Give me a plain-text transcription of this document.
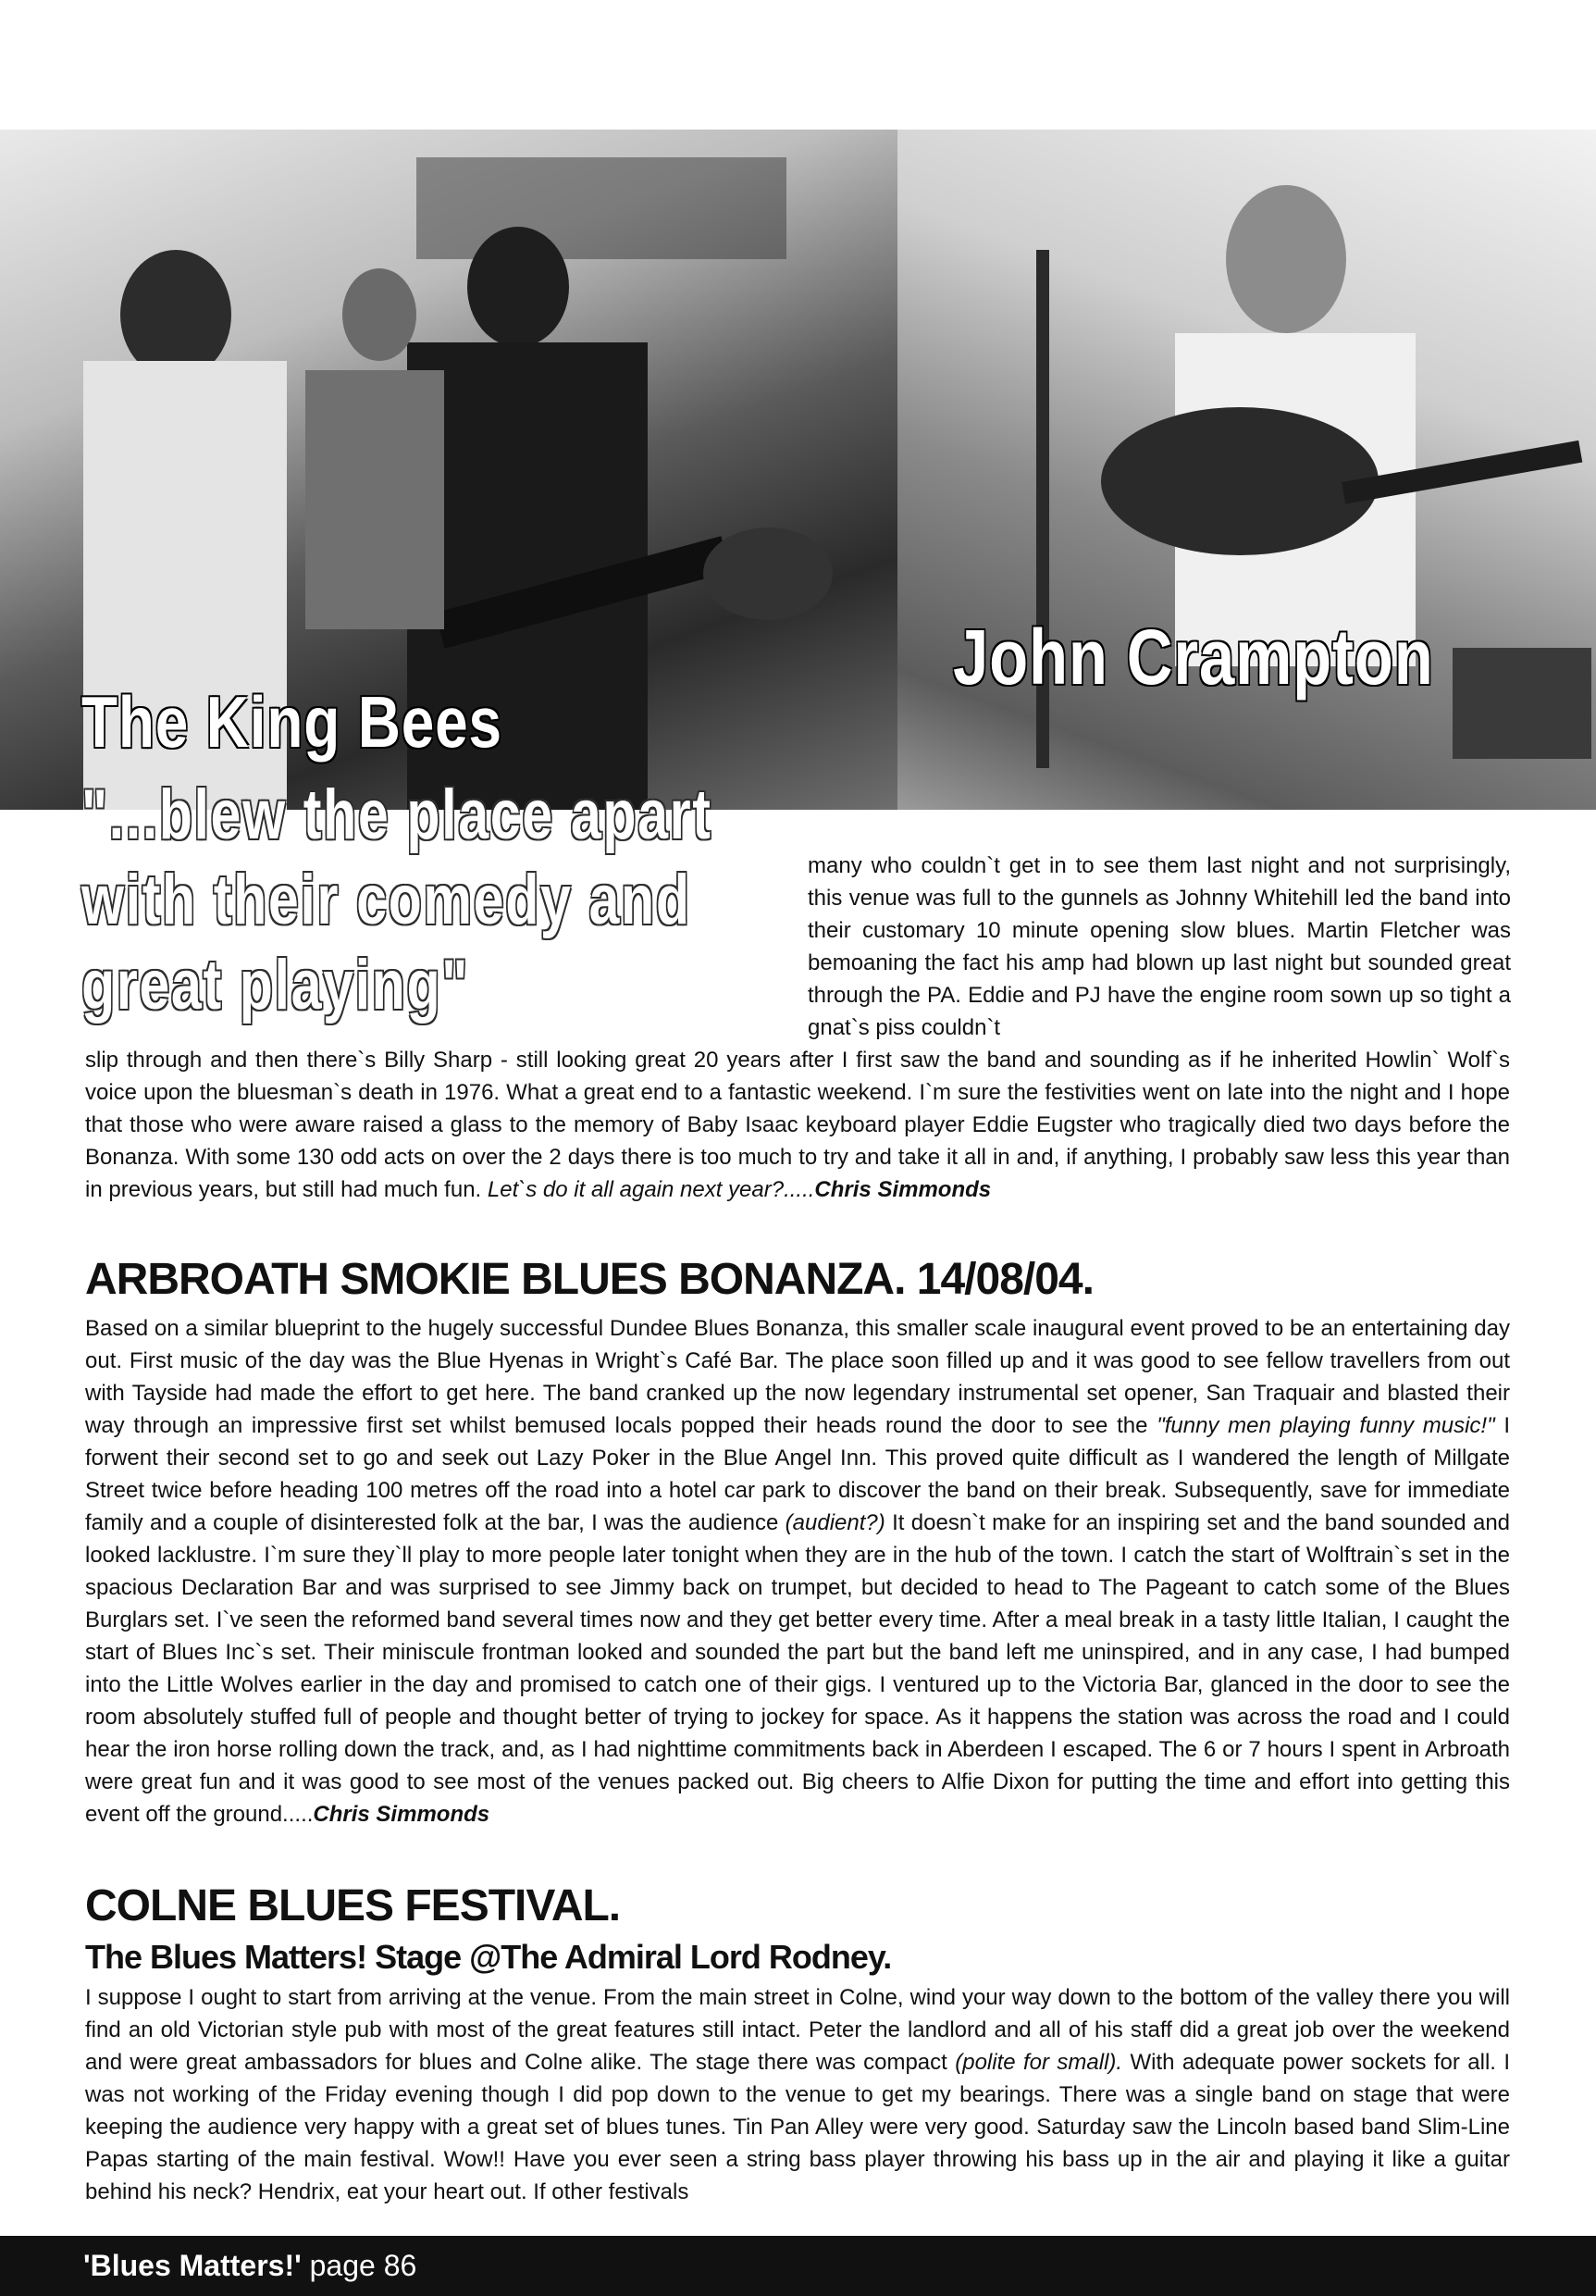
John Crampton
The King Bees
"...blew the place apart with their comedy and great playing"
many who couldn`t get in to see them last night and not surprisingly, this venue was full to the gunnels as Johnny Whitehill led the band into their customary 10 minute opening slow blues. Martin Fletcher was bemoaning the fact his amp had blown up last night but sounded great through the PA. Eddie and PJ have the engine room sown up so tight a gnat`s piss couldn`t

slip through and then there`s Billy Sharp - still looking great 20 years after I first saw the band and sounding as if he inherited Howlin` Wolf`s voice upon the bluesman`s death in 1976. What a great end to a fantastic weekend. I`m sure the festivities went on late into the night and I hope that those who were aware raised a glass to the memory of Baby Isaac keyboard player Eddie Eugster who tragically died two days before the Bonanza. With some 130 odd acts on over the 2 days there is too much to try and take it all in and, if anything, I probably saw less this year than in previous years, but still had much fun. Let`s do it all again next year?.....Chris Simmonds

ARBROATH SMOKIE BLUES BONANZA. 14/08/04.

Based on a similar blueprint to the hugely successful Dundee Blues Bonanza, this smaller scale inaugural event proved to be an entertaining day out. First music of the day was the Blue Hyenas in Wright`s Café Bar. The place soon filled up and it was good to see fellow travellers from out with Tayside had made the effort to get here. The band cranked up the now legendary instrumental set opener, San Traquair and blasted their way through an impressive first set whilst bemused locals popped their heads round the door to see the "funny men playing funny music!" I forwent their second set to go and seek out Lazy Poker in the Blue Angel Inn. This proved quite difficult as I wandered the length of Millgate Street twice before heading 100 metres off the road into a hotel car park to discover the band on their break. Subsequently, save for immediate family and a couple of disinterested folk at the bar, I was the audience (audient?) It doesn`t make for an inspiring set and the band sounded and looked lacklustre. I`m sure they`ll play to more people later tonight when they are in the hub of the town. I catch the start of Wolftrain`s set in the spacious Declaration Bar and was surprised to see Jimmy back on trumpet, but decided to head to The Pageant to catch some of the Blues Burglars set. I`ve seen the reformed band several times now and they get better every time. After a meal break in a tasty little Italian, I caught the start of Blues Inc`s set. Their miniscule frontman looked and sounded the part but the band left me uninspired, and in any case, I had bumped into the Little Wolves earlier in the day and promised to catch one of their gigs. I ventured up to the Victoria Bar, glanced in the door to see the room absolutely stuffed full of people and thought better of trying to jockey for space. As it happens the station was across the road and I could hear the iron horse rolling down the track, and, as I had nighttime commitments back in Aberdeen I escaped. The 6 or 7 hours I spent in Arbroath were great fun and it was good to see most of the venues packed out. Big cheers to Alfie Dixon for putting the time and effort into getting this event off the ground.....Chris Simmonds

COLNE BLUES FESTIVAL.
The Blues Matters! Stage @The Admiral Lord Rodney.

I suppose I ought to start from arriving at the venue. From the main street in Colne, wind your way down to the bottom of the valley there you will find an old Victorian style pub with most of the great features still intact. Peter the landlord and all of his staff did a great job over the weekend and were great ambassadors for blues and Colne alike. The stage there was compact (polite for small). With adequate power sockets for all. I was not working of the Friday evening though I did pop down to the venue to get my bearings. There was a single band on stage that were keeping the audience very happy with a great set of blues tunes. Tin Pan Alley were very good. Saturday saw the Lincoln based band Slim-Line Papas starting of the main festival. Wow!! Have you ever seen a string bass player throwing his bass up in the air and playing it like a guitar behind his neck? Hendrix, eat your heart out. If other festivals

'Blues Matters!' page 86
